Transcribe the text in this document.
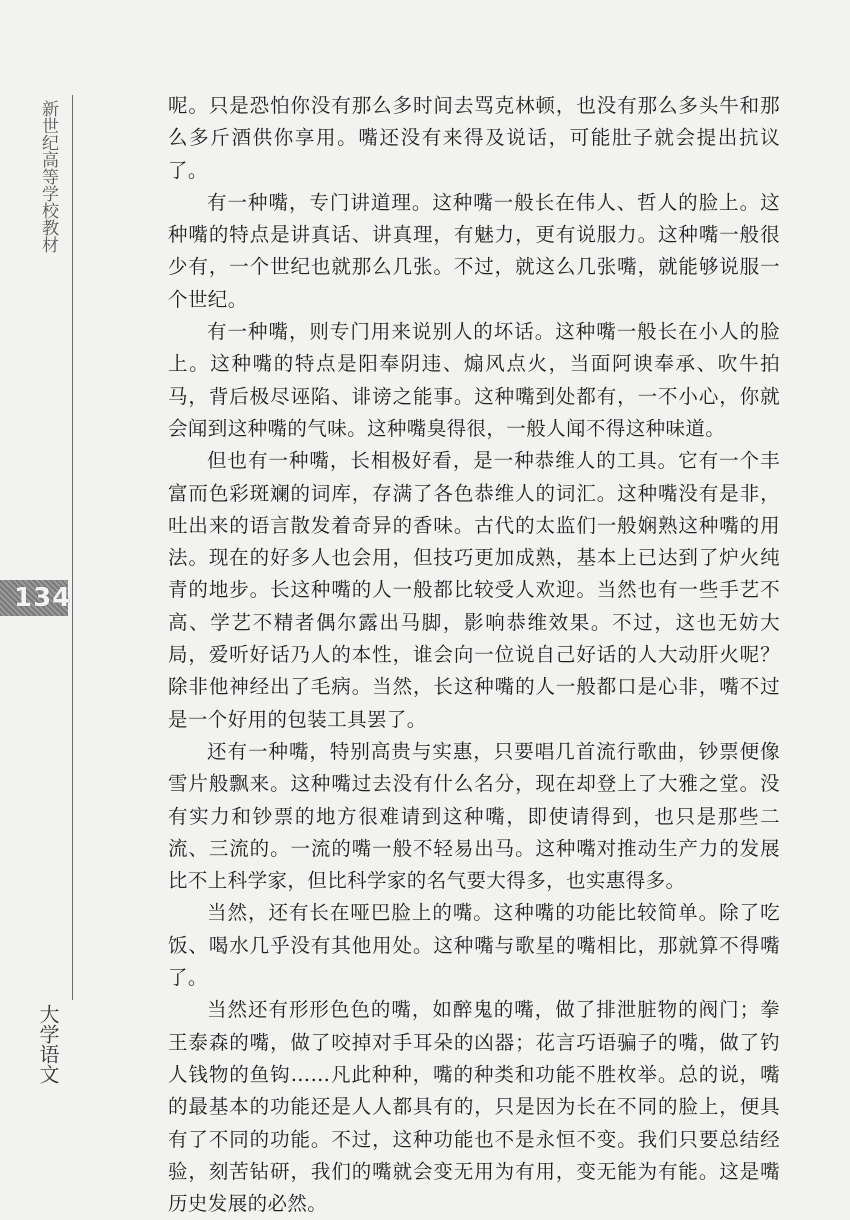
新世纪高等学校教材
134
大学语文

呢。只是恐怕你没有那么多时间去骂克林顿，也没有那么多头牛和那么多斤酒供你享用。嘴还没有来得及说话，可能肚子就会提出抗议了。

有一种嘴，专门讲道理。这种嘴一般长在伟人、哲人的脸上。这种嘴的特点是讲真话、讲真理，有魅力，更有说服力。这种嘴一般很少有，一个世纪也就那么几张。不过，就这么几张嘴，就能够说服一个世纪。

有一种嘴，则专门用来说别人的坏话。这种嘴一般长在小人的脸上。这种嘴的特点是阳奉阴违、煽风点火，当面阿谀奉承、吹牛拍马，背后极尽诬陷、诽谤之能事。这种嘴到处都有，一不小心，你就会闻到这种嘴的气味。这种嘴臭得很，一般人闻不得这种味道。

但也有一种嘴，长相极好看，是一种恭维人的工具。它有一个丰富而色彩斑斓的词库，存满了各色恭维人的词汇。这种嘴没有是非，吐出来的语言散发着奇异的香味。古代的太监们一般娴熟这种嘴的用法。现在的好多人也会用，但技巧更加成熟，基本上已达到了炉火纯青的地步。长这种嘴的人一般都比较受人欢迎。当然也有一些手艺不高、学艺不精者偶尔露出马脚，影响恭维效果。不过，这也无妨大局，爱听好话乃人的本性，谁会向一位说自己好话的人大动肝火呢？除非他神经出了毛病。当然，长这种嘴的人一般都口是心非，嘴不过是一个好用的包装工具罢了。

还有一种嘴，特别高贵与实惠，只要唱几首流行歌曲，钞票便像雪片般飘来。这种嘴过去没有什么名分，现在却登上了大雅之堂。没有实力和钞票的地方很难请到这种嘴，即使请得到，也只是那些二流、三流的。一流的嘴一般不轻易出马。这种嘴对推动生产力的发展比不上科学家，但比科学家的名气要大得多，也实惠得多。

当然，还有长在哑巴脸上的嘴。这种嘴的功能比较简单。除了吃饭、喝水几乎没有其他用处。这种嘴与歌星的嘴相比，那就算不得嘴了。

当然还有形形色色的嘴，如醉鬼的嘴，做了排泄脏物的阀门；拳王泰森的嘴，做了咬掉对手耳朵的凶器；花言巧语骗子的嘴，做了钓人钱物的鱼钩……凡此种种，嘴的种类和功能不胜枚举。总的说，嘴的最基本的功能还是人人都具有的，只是因为长在不同的脸上，便具有了不同的功能。不过，这种功能也不是永恒不变。我们只要总结经验，刻苦钻研，我们的嘴就会变无用为有用，变无能为有能。这是嘴历史发展的必然。
